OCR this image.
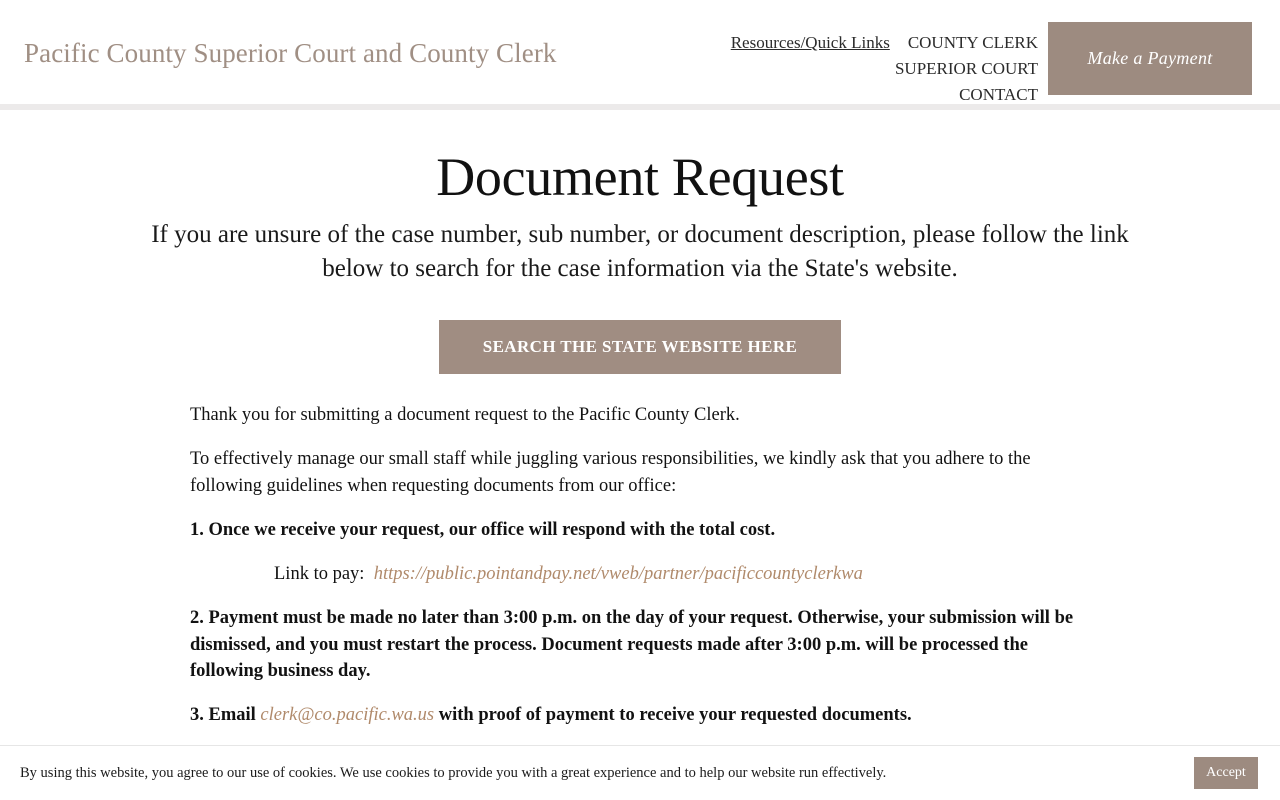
Pacific County Superior Court and County Clerk	Resources/Quick Links COUNTY CLERK SUPERIOR COURT
CONTACT
Make a Payment
Document Request
If you are unsure of the case number, sub number, or document description, please follow the link below to search for the case information via the State's website.
SEARCH THE STATE WEBSITE HERE

Thank you for submitting a document request to the Pacific County Clerk.

To effectively manage our small staff while juggling various responsibilities, we kindly ask that you adhere to the following guidelines when requesting documents from our office:

1. Once we receive your request, our office will respond with the total cost.

Link to pay: https://public.pointandpay.net/vweb/partner/pacificcountyclerkwa

2. Payment must be made no later than 3:00 p.m. on the day of your request. Otherwise, your submission will be dismissed, and you must restart the process. Document requests made after 3:00 p.m. will be processed the following business day.

3. Email clerk@co.pacific.wa.us with proof of payment to receive your requested documents.

By using this website, you agree to our use of cookies. We use cookies to provide you with a great experience and to help our website run effectively.	Accept
